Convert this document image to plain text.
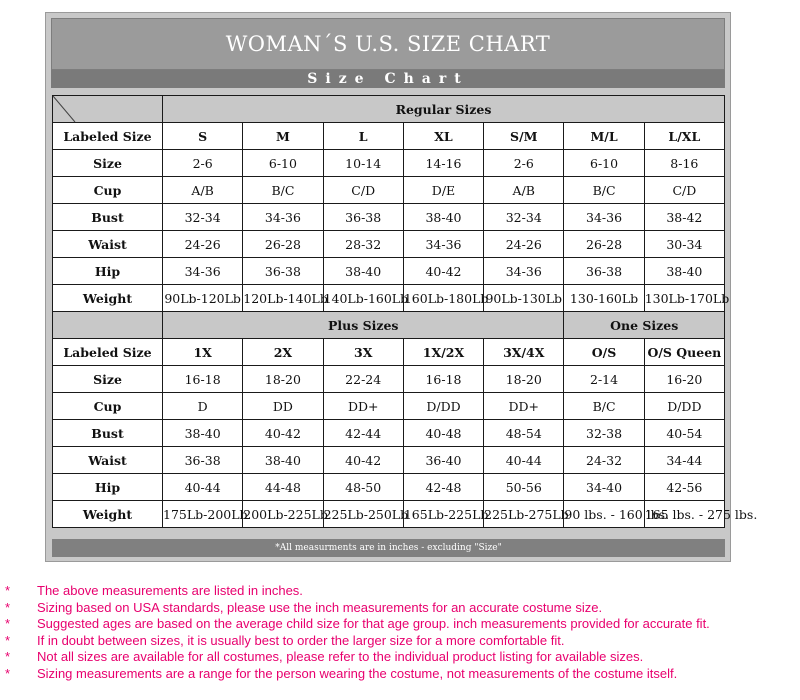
WOMAN´S U.S. SIZE CHART
Size Chart
	Regular Sizes						
Labeled Size	S	M	L	XL	S/M	M/L	L/XL
Size	2-6	6-10	10-14	14-16	2-6	6-10	8-16
Cup	A/B	B/C	C/D	D/E	A/B	B/C	C/D
Bust	32-34	34-36	36-38	38-40	32-34	34-36	38-42
Waist	24-26	26-28	28-32	34-36	24-26	26-28	30-34
Hip	34-36	36-38	38-40	40-42	34-36	36-38	38-40
Weight	90Lb-120Lb	120Lb-140Lb	140Lb-160Lb	160Lb-180Lb	90Lb-130Lb	130-160Lb	130Lb-170Lb
	Plus Sizes					One Sizes	
Labeled Size	1X	2X	3X	1X/2X	3X/4X	O/S	O/S Queen
Size	16-18	18-20	22-24	16-18	18-20	2-14	16-20
Cup	D	DD	DD+	D/DD	DD+	B/C	D/DD
Bust	38-40	40-42	42-44	40-48	48-54	32-38	40-54
Waist	36-38	38-40	40-42	36-40	40-44	24-32	34-44
Hip	40-44	44-48	48-50	42-48	50-56	34-40	42-56
Weight	175Lb-200Lb	200Lb-225Lb	225Lb-250Lb	165Lb-225Lb	225Lb-275Lb	90 lbs. - 160 lbs.	165 lbs. - 275 lbs.
*All measurments are in inches - excluding "Size"
* The above measurements are listed in inches.
* Sizing based on USA standards, please use the inch measurements for an accurate costume size.
* Suggested ages are based on the average child size for that age group. inch measurements provided for accurate fit.
* If in doubt between sizes, it is usually best to order the larger size for a more comfortable fit.
* Not all sizes are available for all costumes, please refer to the individual product listing for available sizes.
* Sizing measurements are a range for the person wearing the costume, not measurements of the costume itself.
